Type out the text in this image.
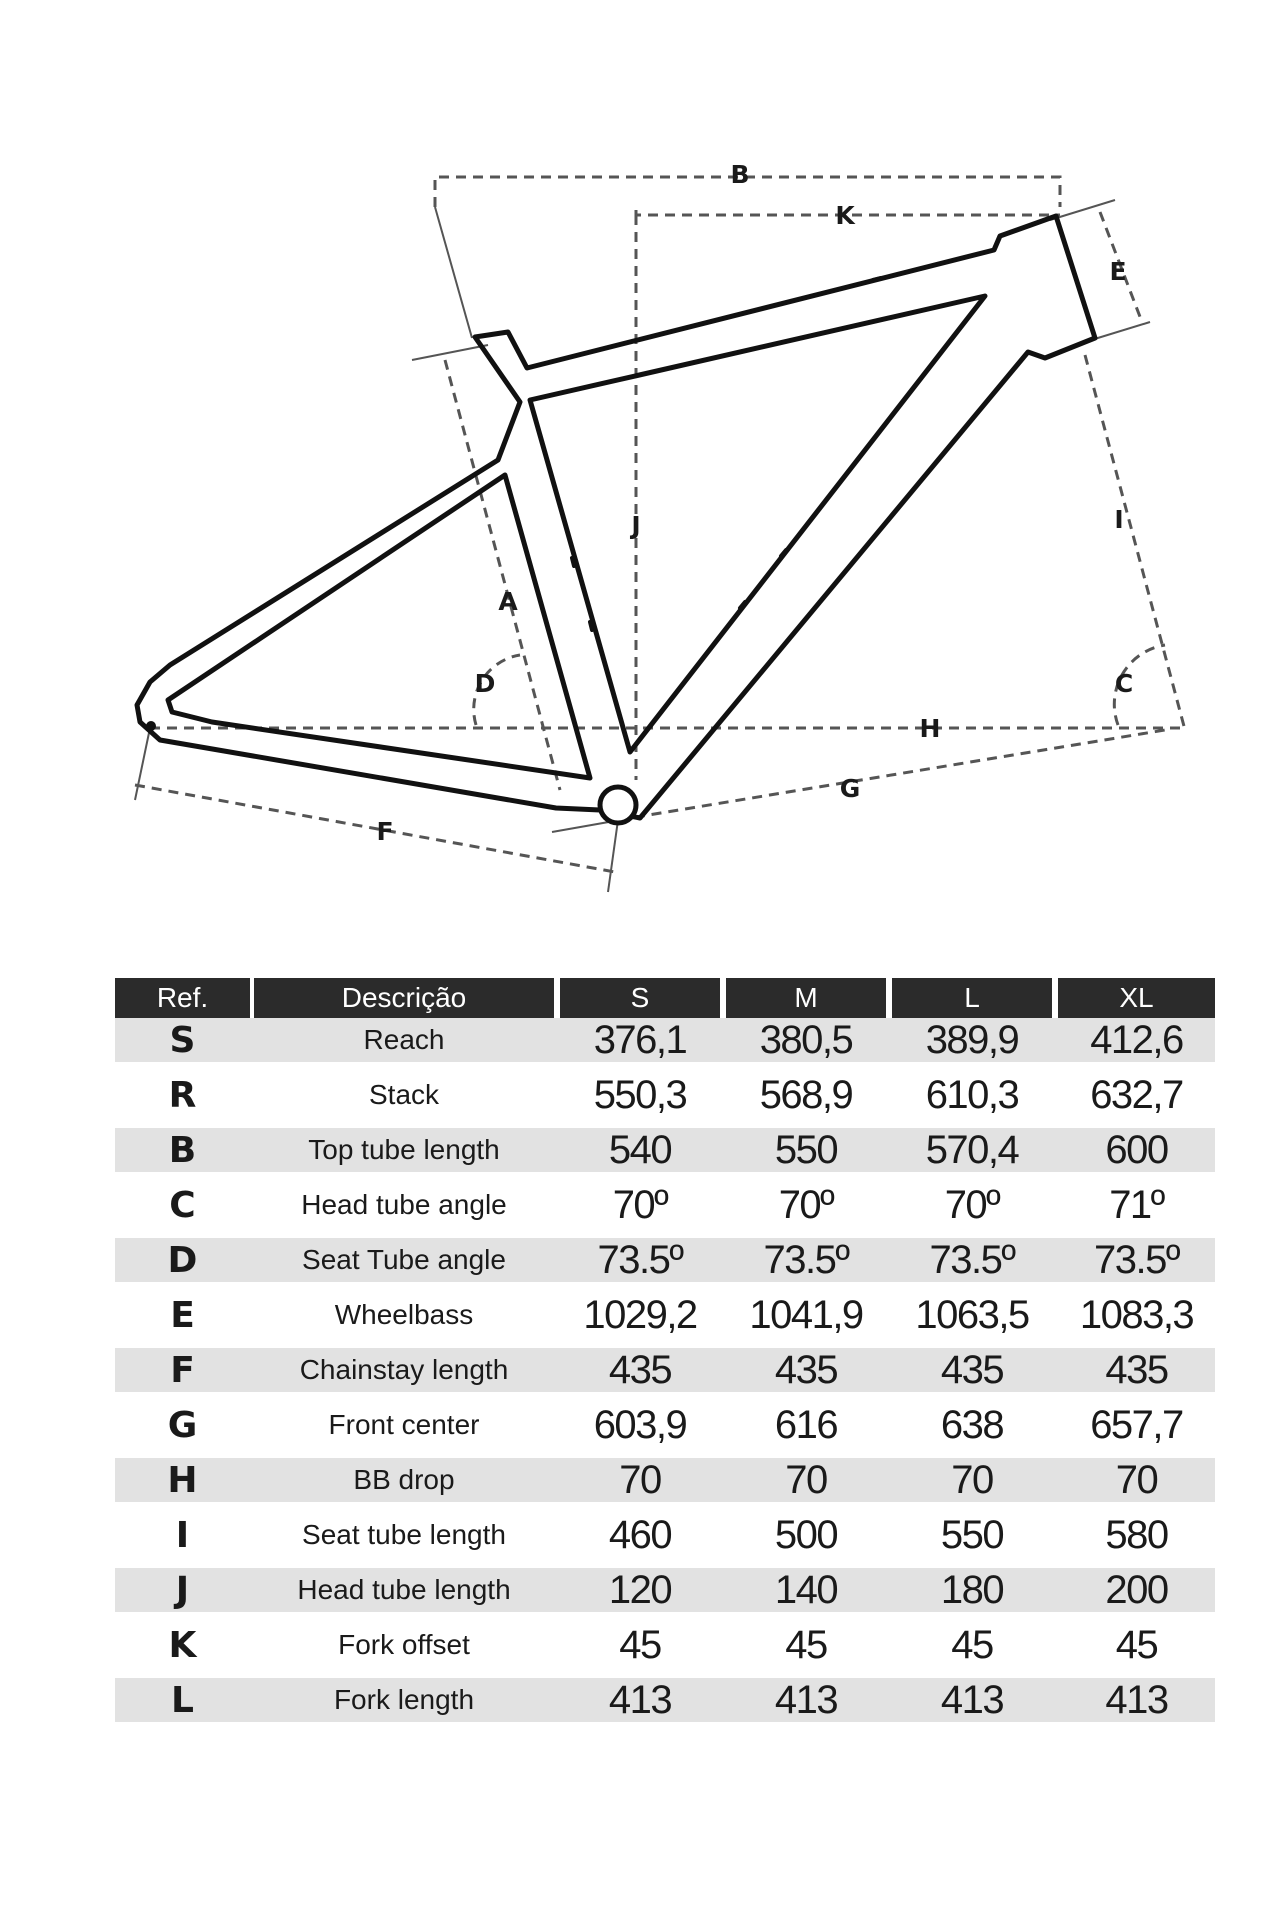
A
B
C
D
E
F
G
H
I
J
K
Ref.	Descrição	S	M	L	XL
S	Reach	376,1	380,5	389,9	412,6
R	Stack	550,3	568,9	610,3	632,7
B	Top tube length	540	550	570,4	600
C	Head tube angle	70º	70º	70º	71º
D	Seat Tube angle	73.5º	73.5º	73.5º	73.5º
E	Wheelbass	1029,2	1041,9	1063,5	1083,3
F	Chainstay length	435	435	435	435
G	Front center	603,9	616	638	657,7
H	BB drop	70	70	70	70
I	Seat tube length	460	500	550	580
J	Head tube length	120	140	180	200
K	Fork offset	45	45	45	45
L	Fork length	413	413	413	413
